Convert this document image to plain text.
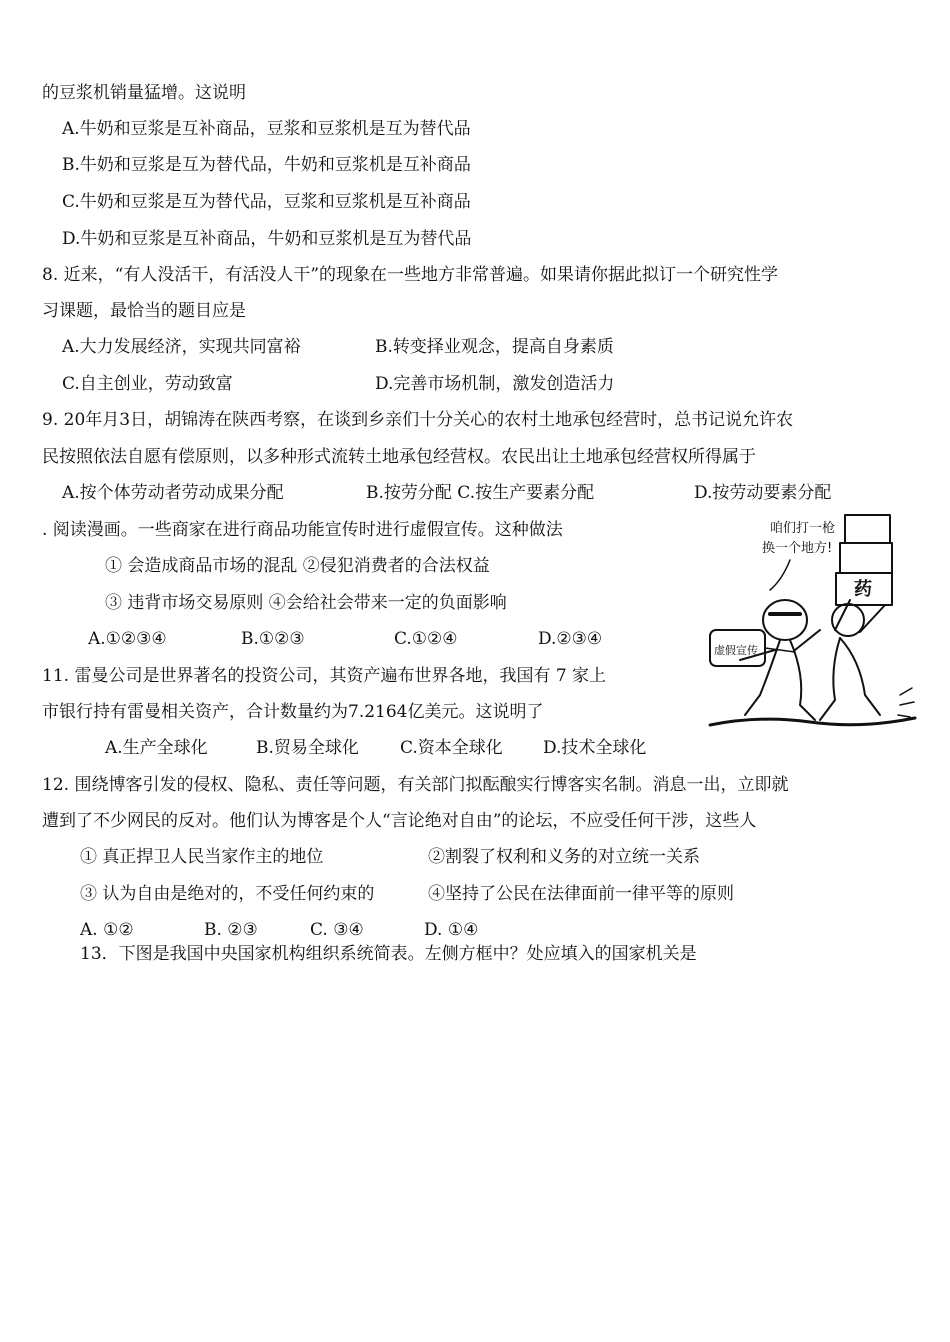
的豆浆机销量猛增。这说明
A.牛奶和豆浆是互补商品，豆浆和豆浆机是互为替代品
B.牛奶和豆浆是互为替代品，牛奶和豆浆机是互补商品
C.牛奶和豆浆是互为替代品，豆浆和豆浆机是互补商品
D.牛奶和豆浆是互补商品，牛奶和豆浆机是互为替代品
8. 近来，“有人没活干，有活没人干”的现象在一些地方非常普遍。如果请你据此拟订一个研究性学
习课题，最恰当的题目应是
A.大力发展经济，实现共同富裕	B.转变择业观念，提高自身素质
C.自主创业，劳动致富	D.完善市场机制，激发创造活力
9. 20年月3日，胡锦涛在陕西考察，在谈到乡亲们十分关心的农村土地承包经营时，总书记说允许农
民按照依法自愿有偿原则，以多种形式流转土地承包经营权。农民出让土地承包经营权所得属于
A.按个体劳动者劳动成果分配	B.按劳分配 C.按生产要素分配	D.按劳动要素分配
. 阅读漫画。一些商家在进行商品功能宣传时进行虚假宣传。这种做法
① 会造成商品市场的混乱 ②侵犯消费者的合法权益
③ 违背市场交易原则 ④会给社会带来一定的负面影响
A.①②③④	B.①②③	C.①②④	D.②③④
咱们打一枪
换一个地方!
药
虚假宣传
11. 雷曼公司是世界著名的投资公司，其资产遍布世界各地，我国有 7 家上
市银行持有雷曼相关资产，合计数量约为7.2164亿美元。这说明了
A.生产全球化	B.贸易全球化 C.资本全球化 D.技术全球化
12. 围绕博客引发的侵权、隐私、责任等问题，有关部门拟酝酿实行博客实名制。消息一出，立即就
遭到了不少网民的反对。他们认为博客是个人“言论绝对自由”的论坛，不应受任何干涉，这些人
① 真正捍卫人民当家作主的地位	②割裂了权利和义务的对立统一关系
③ 认为自由是绝对的，不受任何约束的	④坚持了公民在法律面前一律平等的原则
A. ①②	B. ②③	C. ③④	D. ①④
13．下图是我国中央国家机构组织系统简表。左侧方框中？处应填入的国家机关是
